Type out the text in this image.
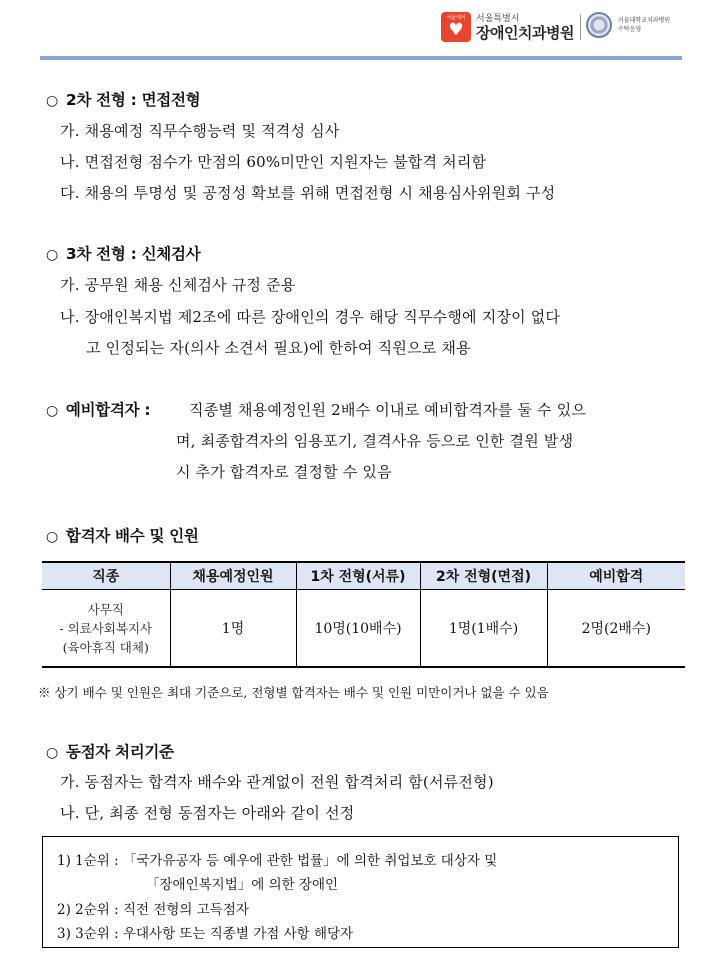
서울케어
♥
서울특별시
장애인치과병원
서울대학교치과병원
수탁운영
○ 2차 전형 : 면접전형
가. 채용예정 직무수행능력 및 적격성 심사
나. 면접전형 점수가 만점의 60%미만인 지원자는 불합격 처리함
다. 채용의 투명성 및 공정성 확보를 위해 면접전형 시 채용심사위원회 구성
○ 3차 전형 : 신체검사
가. 공무원 채용 신체검사 규정 준용
나. 장애인복지법 제2조에 따른 장애인의 경우 해당 직무수행에 지장이 없다
고 인정되는 자(의사 소견서 필요)에 한하여 직원으로 채용
○ 예비합격자 :	직종별 채용예정인원 2배수 이내로 예비합격자를 둘 수 있으
며, 최종합격자의 임용포기, 결격사유 등으로 인한 결원 발생
시 추가 합격자로 결정할 수 있음
○ 합격자 배수 및 인원
직종	채용예정인원	1차 전형(서류)	2차 전형(면접)	예비합격

사무직
- 의료사회복지사
(육아휴직 대체)	1명	10명(10배수)	1명(1배수)	2명(2배수)
※ 상기 배수 및 인원은 최대 기준으로, 전형별 합격자는 배수 및 인원 미만이거나 없을 수 있음
○ 동점자 처리기준
가. 동점자는 합격자 배수와 관계없이 전원 합격처리 함(서류전형)
나. 단, 최종 전형 동점자는 아래와 같이 선정
1) 1순위 : 「국가유공자 등 예우에 관한 법률」에 의한 취업보호 대상자 및
「장애인복지법」에 의한 장애인
2) 2순위 : 직전 전형의 고득점자
3) 3순위 : 우대사항 또는 직종별 가점 사항 해당자
